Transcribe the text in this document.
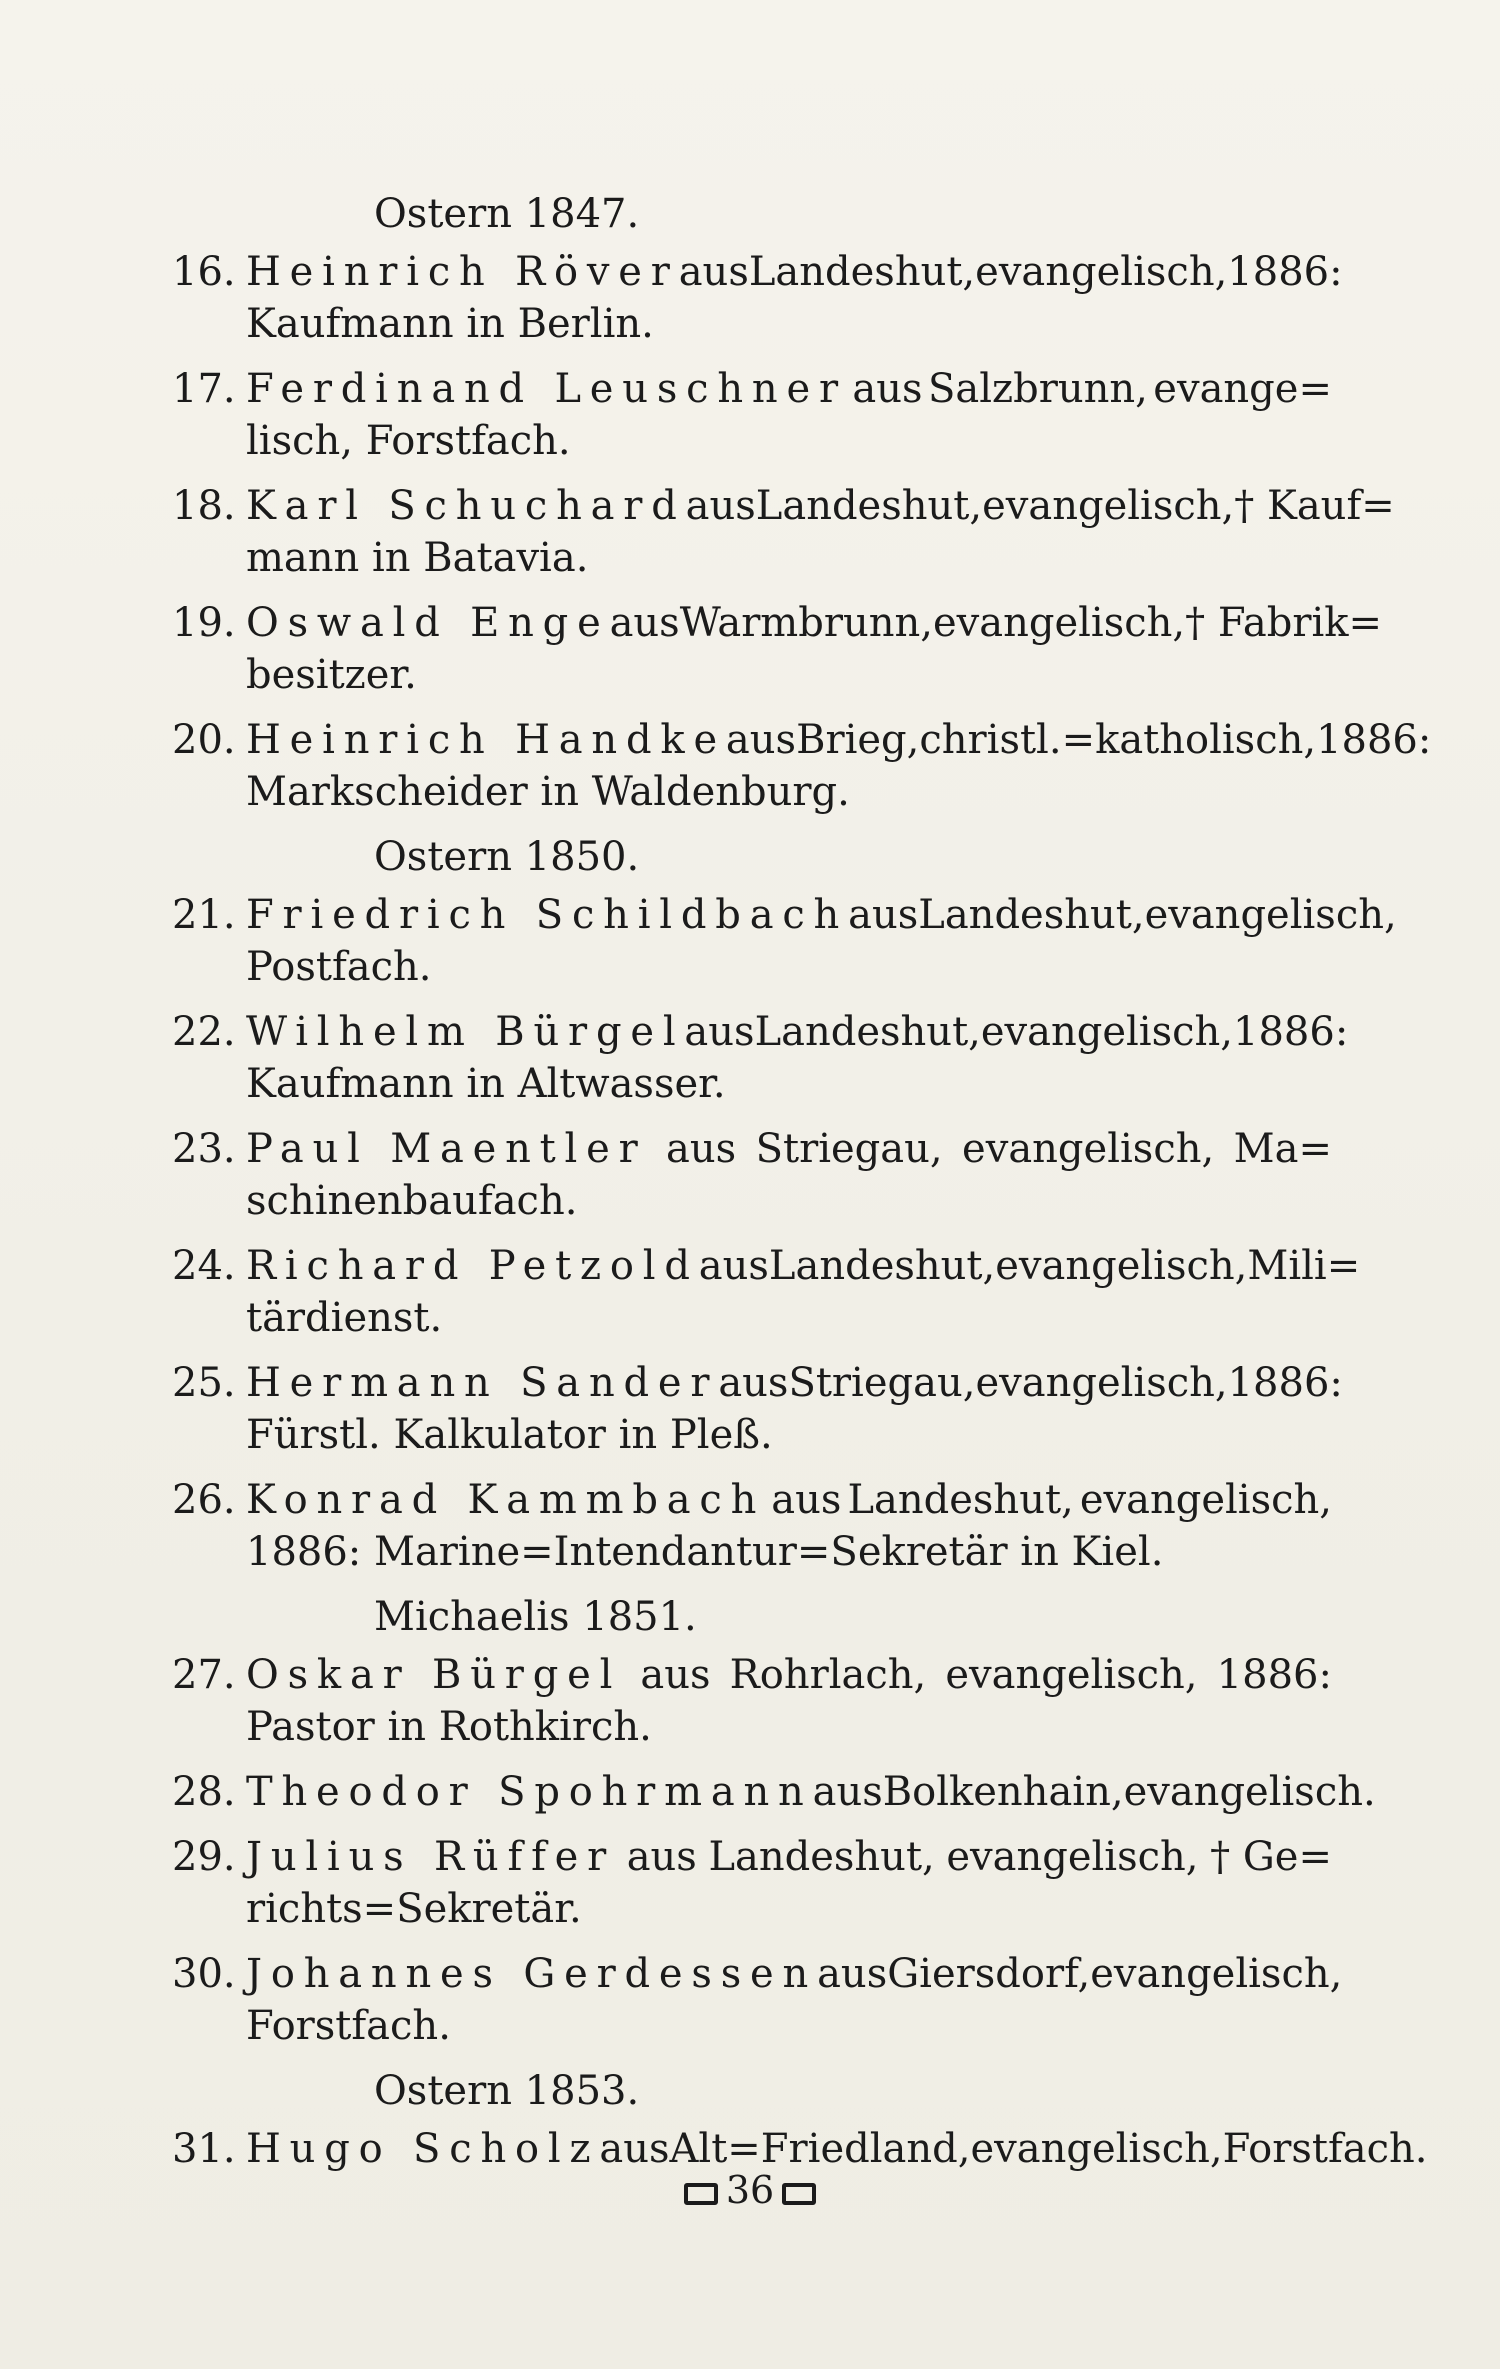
Ostern 1847.
16. Heinrich Röver aus Landeshut, evangelisch, 1886:
Kaufmann in Berlin.
17. Ferdinand Leuschner aus Salzbrunn, evange=
lisch, Forstfach.
18. Karl Schuchard aus Landeshut, evangelisch, † Kauf=
mann in Batavia.
19. Oswald Enge aus Warmbrunn, evangelisch, † Fabrik=
besitzer.
20. Heinrich Handke aus Brieg, christl.=katholisch, 1886:
Markscheider in Waldenburg.
Ostern 1850.
21. Friedrich Schildbach aus Landeshut, evangelisch,
Postfach.
22. Wilhelm Bürgel aus Landeshut, evangelisch, 1886:
Kaufmann in Altwasser.
23. Paul Maentler aus Striegau, evangelisch, Ma=
schinenbaufach.
24. Richard Petzold aus Landeshut, evangelisch, Mili=
tärdienst.
25. Hermann Sander aus Striegau, evangelisch, 1886:
Fürstl. Kalkulator in Pleß.
26. Konrad Kammbach aus Landeshut, evangelisch,
1886: Marine=Intendantur=Sekretär in Kiel.
Michaelis 1851.
27. Oskar Bürgel aus Rohrlach, evangelisch, 1886:
Pastor in Rothkirch.
28. Theodor Spohrmann aus Bolkenhain, evangelisch.
29. Julius Rüffer aus Landeshut, evangelisch, † Ge=
richts=Sekretär.
30. Johannes Gerdessen aus Giersdorf, evangelisch,
Forstfach.
Ostern 1853.
31. Hugo Scholz aus Alt=Friedland, evangelisch, Forstfach.
36
